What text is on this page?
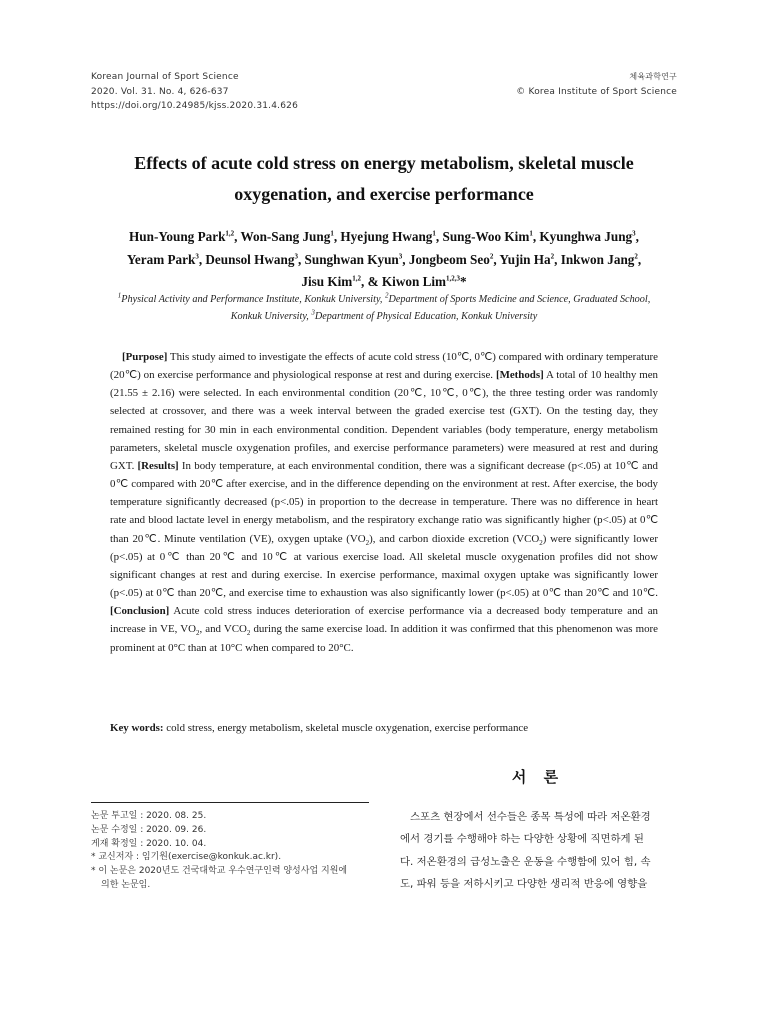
Korean Journal of Sport Science
2020. Vol. 31. No. 4, 626-637
https://doi.org/10.24985/kjss.2020.31.4.626
체육과학연구
© Korea Institute of Sport Science
Effects of acute cold stress on energy metabolism, skeletal muscle
oxygenation, and exercise performance
Hun-Young Park$^{1,2}$, Won-Sang Jung$^1$, Hyejung Hwang$^1$, Sung-Woo Kim$^1$, Kyunghwa Jung$^3$,
Yeram Park$^3$, Deunsol Hwang$^3$, Sunghwan Kyun$^3$, Jongbeom Seo$^2$, Yujin Ha$^2$, Inkwon Jang$^2$,
Jisu Kim$^{1,2}$, & Kiwon Lim$^{1,2,3}$*
$^1$Physical Activity and Performance Institute, Konkuk University, $^2$Department of Sports Medicine and Science, Graduated School,
Konkuk University, $^3$Department of Physical Education, Konkuk University
[Purpose] This study aimed to investigate the effects of acute cold stress (10℃, 0℃) compared with ordinary temperature (20℃) on exercise performance and physiological response at rest and during exercise. [Methods] A total of 10 healthy men (21.55 ± 2.16) were selected. In each environmental condition (20℃, 10℃, 0℃), the three testing order was randomly selected at crossover, and there was a week interval between the graded exercise test (GXT). On the testing day, they remained resting for 30 min in each environmental condition. Dependent variables (body temperature, energy metabolism parameters, skeletal muscle oxygenation profiles, and exercise performance parameters) were measured at rest and during GXT. [Results] In body temperature, at each environmental condition, there was a significant decrease (p<.05) at 10℃ and 0℃ compared with 20℃ after exercise, and in the difference depending on the environment at rest. After exercise, the body temperature significantly decreased (p<.05) in proportion to the decrease in temperature. There was no difference in heart rate and blood lactate level in energy metabolism, and the respiratory exchange ratio was significantly higher (p<.05) at 0℃ than 20℃. Minute ventilation (VE), oxygen uptake $(VO_2)$, and carbon dioxide excretion $(VCO_2)$ were significantly lower (p<.05) at 0℃ than 20℃ and 10℃ at various exercise load. All skeletal muscle oxygenation profiles did not show significant changes at rest and during exercise. In exercise performance, maximal oxygen uptake was significantly lower (p<.05) at 0℃ than 20℃, and exercise time to exhaustion was also significantly lower (p<.05) at 0℃ than 20℃ and 10℃. [Conclusion] Acute cold stress induces deterioration of exercise performance via a decreased body temperature and an increase in VE, $VO_2$, and $VCO_2$ during the same exercise load. In addition it was confirmed that this phenomenon was more prominent at 0°C than at 10°C when compared to 20°C.
Key words: cold stress, energy metabolism, skeletal muscle oxygenation, exercise performance
서 론
논문 투고일 : 2020. 08. 25.
논문 수정일 : 2020. 09. 26.
게재 확정일 : 2020. 10. 04.
* 교신저자 : 임기원(exercise@konkuk.ac.kr).
* 이 논문은 2020년도 건국대학교 우수연구인력 양성사업 지원에
의한 논문임.
스포츠 현장에서 선수들은 종목 특성에 따라 저온환경
에서 경기를 수행해야 하는 다양한 상황에 직면하게 된
다. 저온환경의 급성노출은 운동을 수행함에 있어 힘, 속
도, 파워 등을 저하시키고 다양한 생리적 반응에 영향을
